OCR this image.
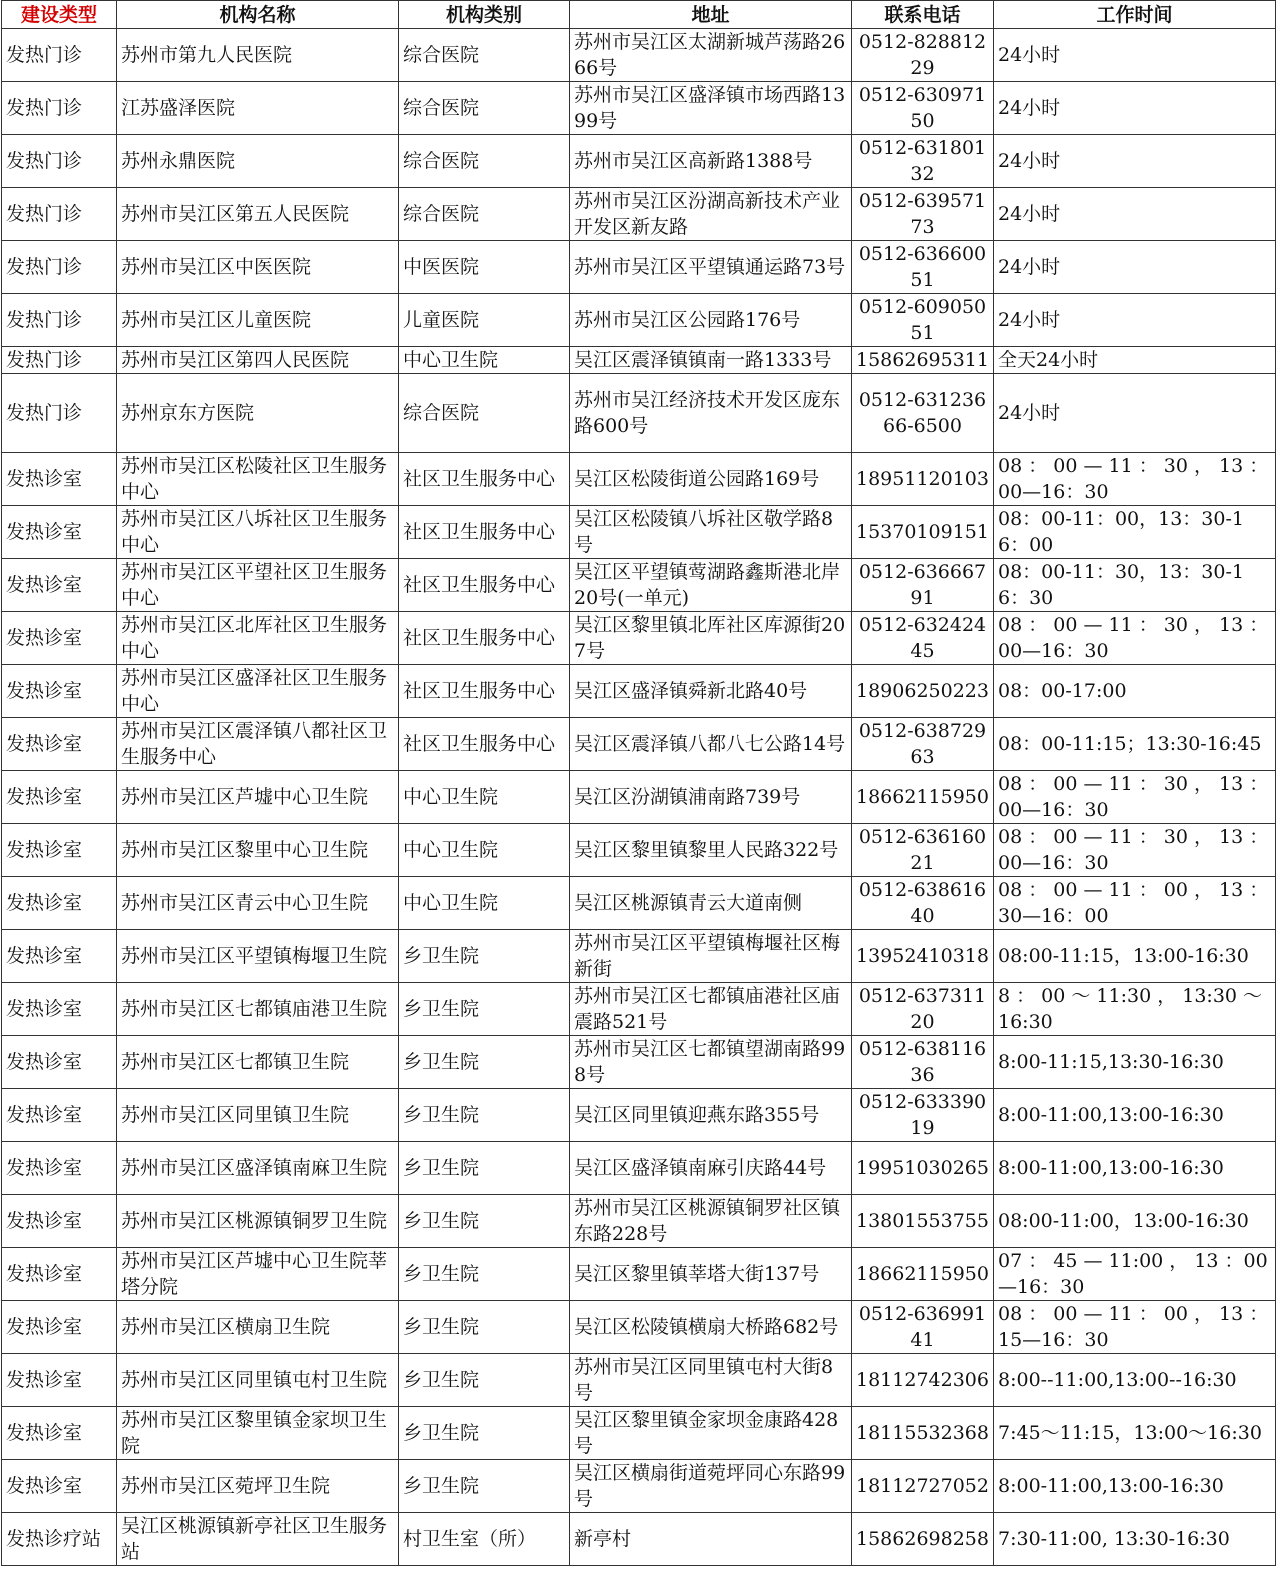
建设类型	机构名称	机构类别	地址	联系电话	工作时间
发热门诊	苏州市第九人民医院	综合医院	苏州市吴江区太湖新城芦荡路2666号	0512-82881229	24小时
发热门诊	江苏盛泽医院	综合医院	苏州市吴江区盛泽镇市场西路1399号	0512-63097150	24小时
发热门诊	苏州永鼎医院	综合医院	苏州市吴江区高新路1388号	0512-63180132	24小时
发热门诊	苏州市吴江区第五人民医院	综合医院	苏州市吴江区汾湖高新技术产业开发区新友路	0512-63957173	24小时
发热门诊	苏州市吴江区中医医院	中医医院	苏州市吴江区平望镇通运路73号	0512-63660051	24小时
发热门诊	苏州市吴江区儿童医院	儿童医院	苏州市吴江区公园路176号	0512-60905051	24小时
发热门诊	苏州市吴江区第四人民医院	中心卫生院	吴江区震泽镇镇南一路1333号	15862695311	全天24小时
发热门诊	苏州京东方医院	综合医院	苏州市吴江经济技术开发区庞东路600号	0512-63123666-6500	24小时
发热诊室	苏州市吴江区松陵社区卫生服务中心	社区卫生服务中心	吴江区松陵街道公园路169号	18951120103	08 ： 00 — 11 ： 30 ， 13 ：00—16：30
发热诊室	苏州市吴江区八坼社区卫生服务中心	社区卫生服务中心	吴江区松陵镇八坼社区敬学路8号	15370109151	08：00-11：00，13：30-16：00
发热诊室	苏州市吴江区平望社区卫生服务中心	社区卫生服务中心	吴江区平望镇莺湖路鑫斯港北岸20号(一单元)	0512-63666791	08：00-11：30，13：30-16：30
发热诊室	苏州市吴江区北厍社区卫生服务中心	社区卫生服务中心	吴江区黎里镇北厍社区库源街207号	0512-63242445	08 ： 00 — 11 ： 30 ， 13 ：00—16：30
发热诊室	苏州市吴江区盛泽社区卫生服务中心	社区卫生服务中心	吴江区盛泽镇舜新北路40号	18906250223	08：00-17:00
发热诊室	苏州市吴江区震泽镇八都社区卫生服务中心	社区卫生服务中心	吴江区震泽镇八都八七公路14号	0512-63872963	08：00-11:15；13:30-16:45
发热诊室	苏州市吴江区芦墟中心卫生院	中心卫生院	吴江区汾湖镇浦南路739号	18662115950	08 ： 00 — 11 ： 30 ， 13 ：00—16：30
发热诊室	苏州市吴江区黎里中心卫生院	中心卫生院	吴江区黎里镇黎里人民路322号	0512-63616021	08 ： 00 — 11 ： 30 ， 13 ：00—16：30
发热诊室	苏州市吴江区青云中心卫生院	中心卫生院	吴江区桃源镇青云大道南侧	0512-63861640	08 ： 00 — 11 ： 00 ， 13 ：30—16：00
发热诊室	苏州市吴江区平望镇梅堰卫生院	乡卫生院	苏州市吴江区平望镇梅堰社区梅新街	13952410318	08:00-11:15，13:00-16:30
发热诊室	苏州市吴江区七都镇庙港卫生院	乡卫生院	苏州市吴江区七都镇庙港社区庙震路521号	0512-63731120	8 ： 00 ～ 11:30 ， 13:30 ～16:30
发热诊室	苏州市吴江区七都镇卫生院	乡卫生院	苏州市吴江区七都镇望湖南路998号	0512-63811636	8:00-11:15,13:30-16:30
发热诊室	苏州市吴江区同里镇卫生院	乡卫生院	吴江区同里镇迎燕东路355号	0512-63339019	8:00-11:00,13:00-16:30
发热诊室	苏州市吴江区盛泽镇南麻卫生院	乡卫生院	吴江区盛泽镇南麻引庆路44号	19951030265	8:00-11:00,13:00-16:30
发热诊室	苏州市吴江区桃源镇铜罗卫生院	乡卫生院	苏州市吴江区桃源镇铜罗社区镇东路228号	13801553755	08:00-11:00，13:00-16:30
发热诊室	苏州市吴江区芦墟中心卫生院莘塔分院	乡卫生院	吴江区黎里镇莘塔大街137号	18662115950	07 ： 45 — 11:00 ， 13 ：00—16：30
发热诊室	苏州市吴江区横扇卫生院	乡卫生院	吴江区松陵镇横扇大桥路682号	0512-63699141	08 ： 00 — 11 ： 00 ， 13 ：15—16：30
发热诊室	苏州市吴江区同里镇屯村卫生院	乡卫生院	苏州市吴江区同里镇屯村大街8号	18112742306	8:00--11:00,13:00--16:30
发热诊室	苏州市吴江区黎里镇金家坝卫生院	乡卫生院	吴江区黎里镇金家坝金康路428号	18115532368	7:45～11:15，13:00～16:30
发热诊室	苏州市吴江区菀坪卫生院	乡卫生院	吴江区横扇街道菀坪同心东路99号	18112727052	8:00-11:00,13:00-16:30
发热诊疗站	吴江区桃源镇新亭社区卫生服务站	村卫生室（所）	新亭村	15862698258	7:30-11:00, 13:30-16:30
